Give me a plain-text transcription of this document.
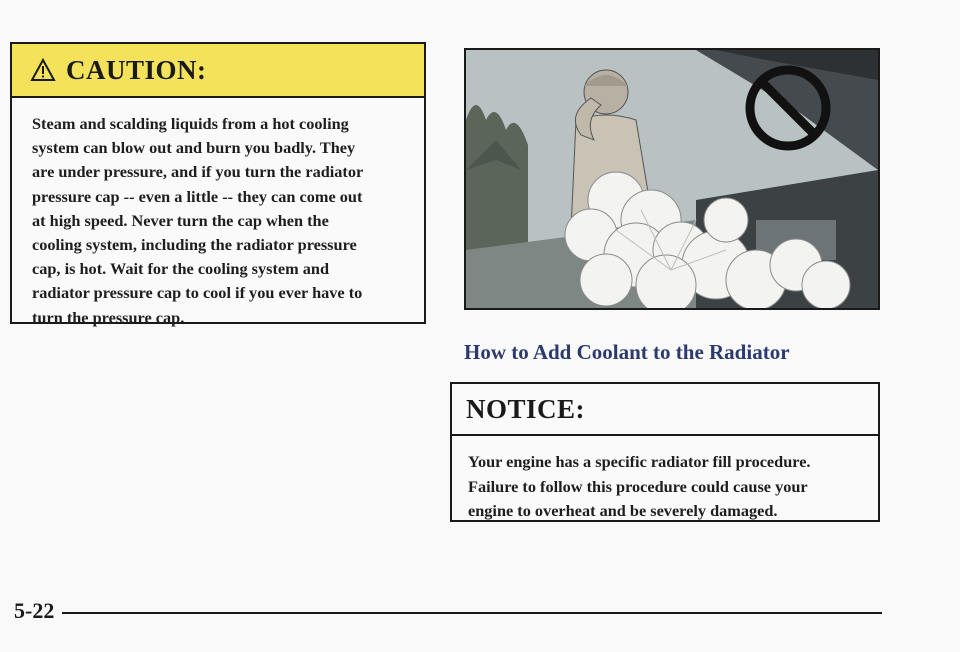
CAUTION:
Steam and scalding liquids from a hot cooling
system can blow out and burn you badly. They
are under pressure, and if you turn the radiator
pressure cap -- even a little -- they can come out
at high speed. Never turn the cap when the
cooling system, including the radiator pressure
cap, is hot. Wait for the cooling system and
radiator pressure cap to cool if you ever have to
turn the pressure cap.
How to Add Coolant to the Radiator
NOTICE:
Your engine has a specific radiator fill procedure.
Failure to follow this procedure could cause your
engine to overheat and be severely damaged.
5-22
